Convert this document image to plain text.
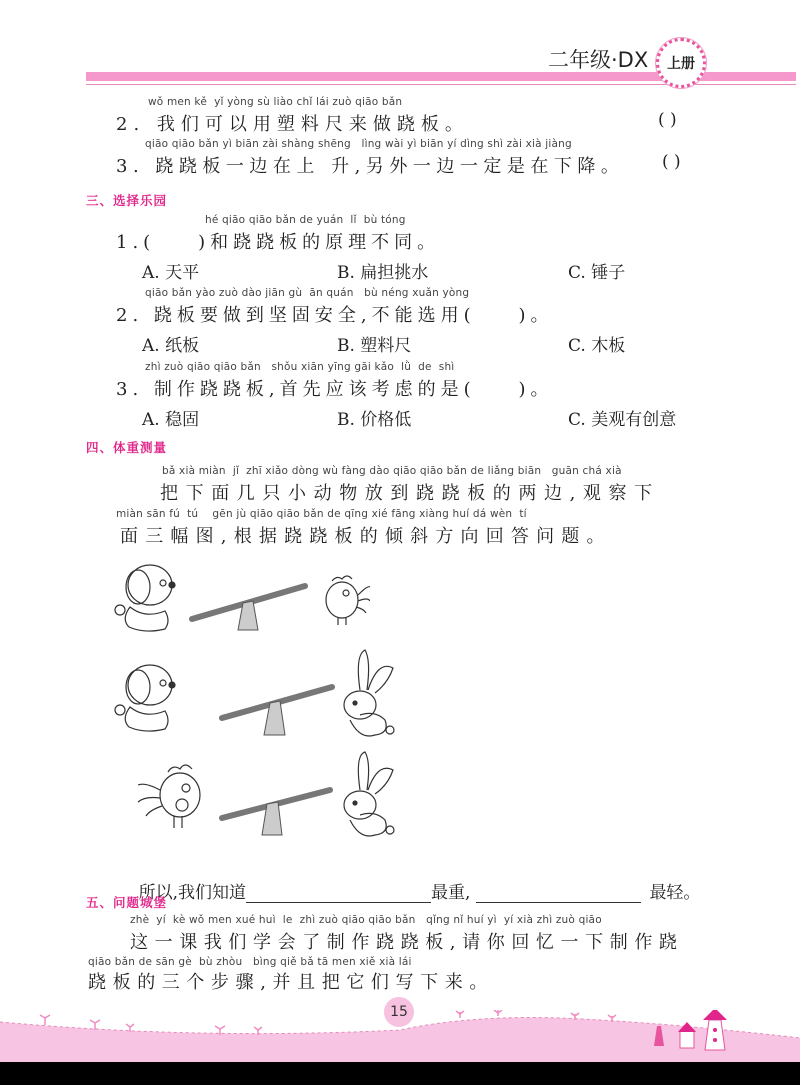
二年级·DX	上册
wǒ men kě  yǐ yòng sù liào chǐ lái zuò qiāo bǎn
2. 我们可以用塑料尺来做跷板。	( )
qiāo qiāo bǎn yì biān zài shàng shēng   lìng wài yì biān yí dìng shì zài xià jiàng
3. 跷跷板一边在上 升,另外一边一定是在下降。 ( )
三、选择乐园
hé qiāo qiāo bǎn de yuán  lǐ  bù tóng
1.(    )和跷跷板的原理不同。
A. 天平	B. 扁担挑水	C. 锤子
qiāo bǎn yào zuò dào jiān gù  ān quán   bù néng xuǎn yòng
2. 跷板要做到坚固安全,不能选用(    )。
A. 纸板	B. 塑料尺	C. 木板
zhì zuò qiāo qiāo bǎn   shǒu xiān yīng gāi kǎo  lǜ  de  shì
3. 制作跷跷板,首先应该考虑的是(    )。
A. 稳固	B. 价格低	C. 美观有创意
四、体重测量
bǎ xià miàn  jǐ  zhī xiǎo dòng wù fàng dào qiāo qiāo bǎn de liǎng biān   guān chá xià
把下面几只小动物放到跷跷板的两边,观察下
miàn sān fú  tú    gēn jù qiāo qiāo bǎn de qīng xié fāng xiàng huí dá wèn  tí
面三幅图,根据跷跷板的倾斜方向回答问题。

所以,我们知道	最重,	最轻。

五、问题城堡
zhè  yí  kè wǒ men xué huì  le  zhì zuò qiāo qiāo bǎn   qǐng nǐ huí yì  yí xià zhì zuò qiāo
这一课我们学会了制作跷跷板,请你回忆一下制作跷
qiāo bǎn de sān gè  bù zhòu   bìng qiě bǎ tā men xiě xià lái
跷板的三个步骤,并且把它们写下来。
15
